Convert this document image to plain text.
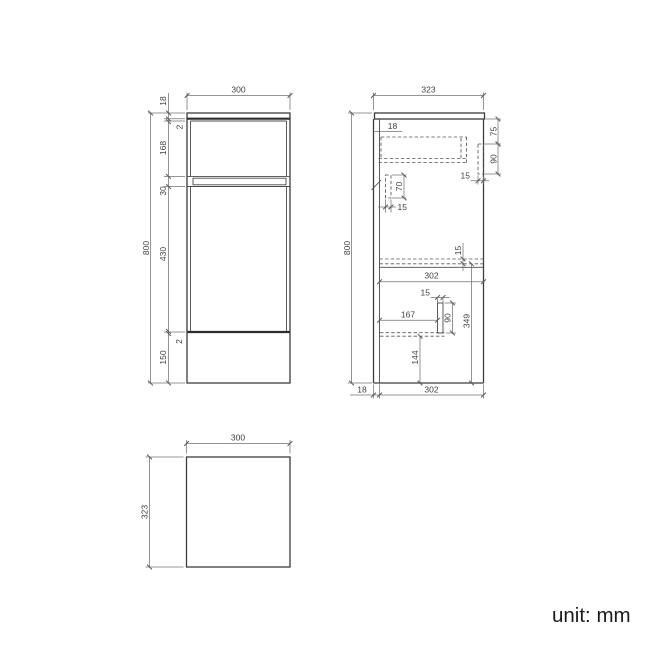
300
800
18
2
168
30
430
2
150
323
800
18
75
90
15
70
15
15
302
15
90
167	349
144
18	302
300
323
unit: mm
